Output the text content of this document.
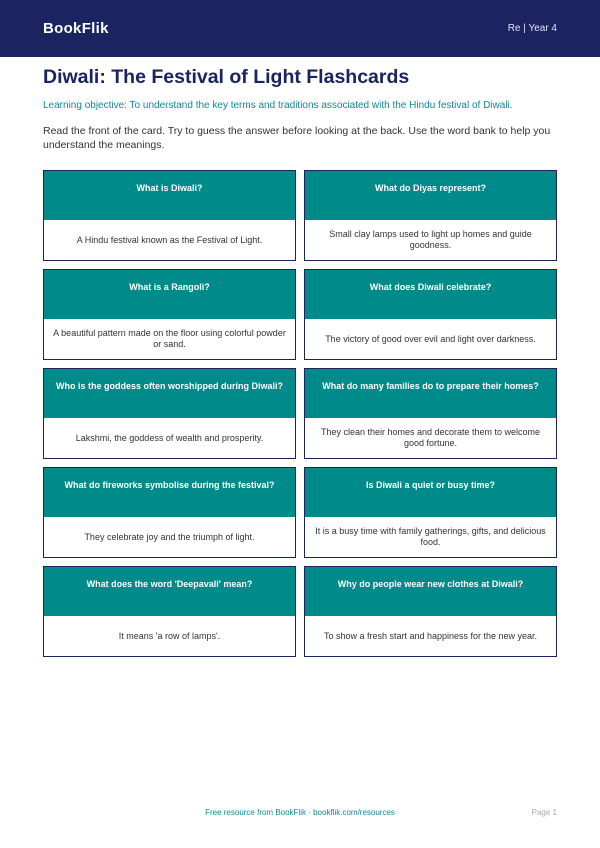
BookFlik	Re | Year 4
Diwali: The Festival of Light Flashcards

Learning objective: To understand the key terms and traditions associated with the Hindu festival of Diwali.

Read the front of the card. Try to guess the answer before looking at the back. Use the word bank to help you understand the meanings.

What is Diwali?
A Hindu festival known as the Festival of Light.
What do Diyas represent?
Small clay lamps used to light up homes and guide goodness.
What is a Rangoli?
A beautiful pattern made on the floor using colorful powder or sand.
What does Diwali celebrate?
The victory of good over evil and light over darkness.
Who is the goddess often worshipped during Diwali?
Lakshmi, the goddess of wealth and prosperity.
What do many families do to prepare their homes?
They clean their homes and decorate them to welcome good fortune.
What do fireworks symbolise during the festival?
They celebrate joy and the triumph of light.
Is Diwali a quiet or busy time?
It is a busy time with family gatherings, gifts, and delicious food.
What does the word 'Deepavali' mean?
It means 'a row of lamps'.
Why do people wear new clothes at Diwali?
To show a fresh start and happiness for the new year.
Free resource from BookFlik · bookflik.com/resources	Page 1
